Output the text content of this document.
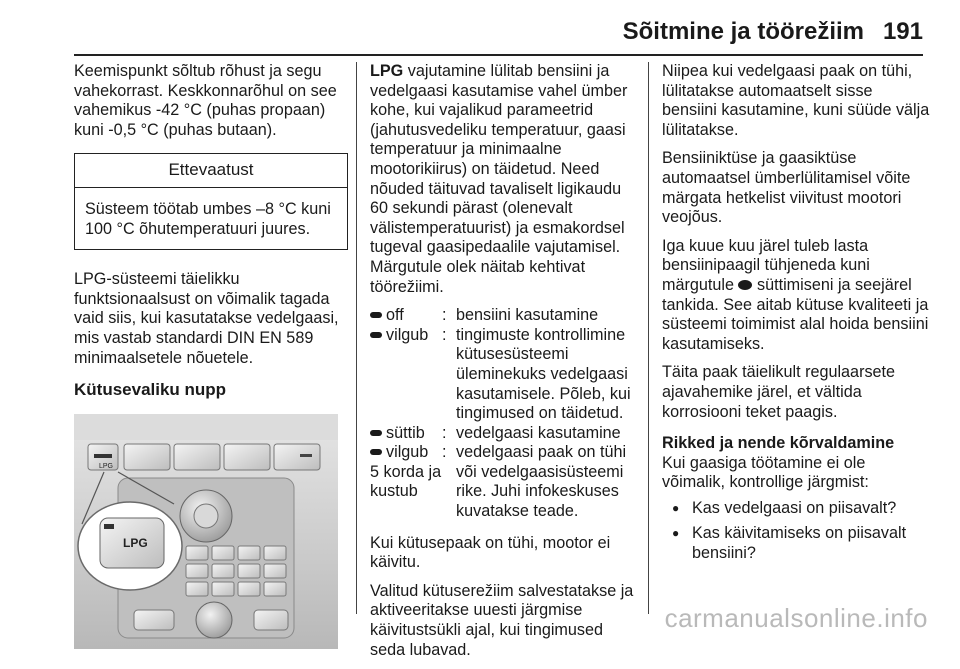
Sõitmine ja töörežiim 191

Keemispunkt sõltub rõhust ja segu vahekorrast. Keskkonnarõhul on see vahemikus -42 °C (puhas propaan) kuni -0,5 °C (puhas butaan).

Ettevaatust
Süsteem töötab umbes –8 °C kuni 100 °C õhutemperatuuri juures.

LPG-süsteemi täielikku funktsionaalsust on võimalik tagada vaid siis, kui kasutatakse vedelgaasi, mis vastab standardi DIN EN 589 minimaalsetele nõuetele.

Kütusevaliku nupp
LPG
LPG

LPG vajutamine lülitab bensiini ja vedelgaasi kasutamise vahel ümber kohe, kui vajalikud parameetrid (jahutusvedeliku temperatuur, gaasi temperatuur ja minimaalne mootorikiirus) on täidetud. Need nõuded täituvad tavaliselt ligikaudu 60 sekundi pärast (olenevalt välistemperatuurist) ja esmakordsel tugeval gaasipedaalile vajutamisel. Märgutule olek näitab kehtivat töörežiimi.

off	: bensiini kasutamine
vilgub : tingimuste kontrollimine kütusesüsteemi üleminekuks vedelgaasi kasutamisele. Põleb, kui tingimused on täidetud.
süttib	: vedelgaasi kasutamine
vilgub
5 korda ja kustub
: vedelgaasi paak on tühi või vedelgaasisüsteemi rike. Juhi infokeskuses kuvatakse teade.

Kui kütusepaak on tühi, mootor ei käivitu.

Valitud kütuserežiim salvestatakse ja aktiveeritakse uuesti järgmise käivitustsükli ajal, kui tingimused seda lubavad.

Niipea kui vedelgaasi paak on tühi, lülitatakse automaatselt sisse bensiini kasutamine, kuni süüde välja lülitatakse.

Bensiiniktüse ja gaasiktüse automaatsel ümberlülitamisel võite märgata hetkelist viivitust mootori veojõus.

Iga kuue kuu järel tuleb lasta bensiinipaagil tühjeneda kuni märgutule  süttimiseni ja seejärel tankida. See aitab kütuse kvaliteeti ja süsteemi toimimist alal hoida bensiini kasutamiseks.

Täita paak täielikult regulaarsete ajavahemike järel, et vältida korrosiooni teket paagis.

Rikked ja nende kõrvaldamine
Kui gaasiga töötamine ei ole võimalik, kontrollige järgmist:
● Kas vedelgaasi on piisavalt?
● Kas käivitamiseks on piisavalt bensiini?
carmanualsonline.info
